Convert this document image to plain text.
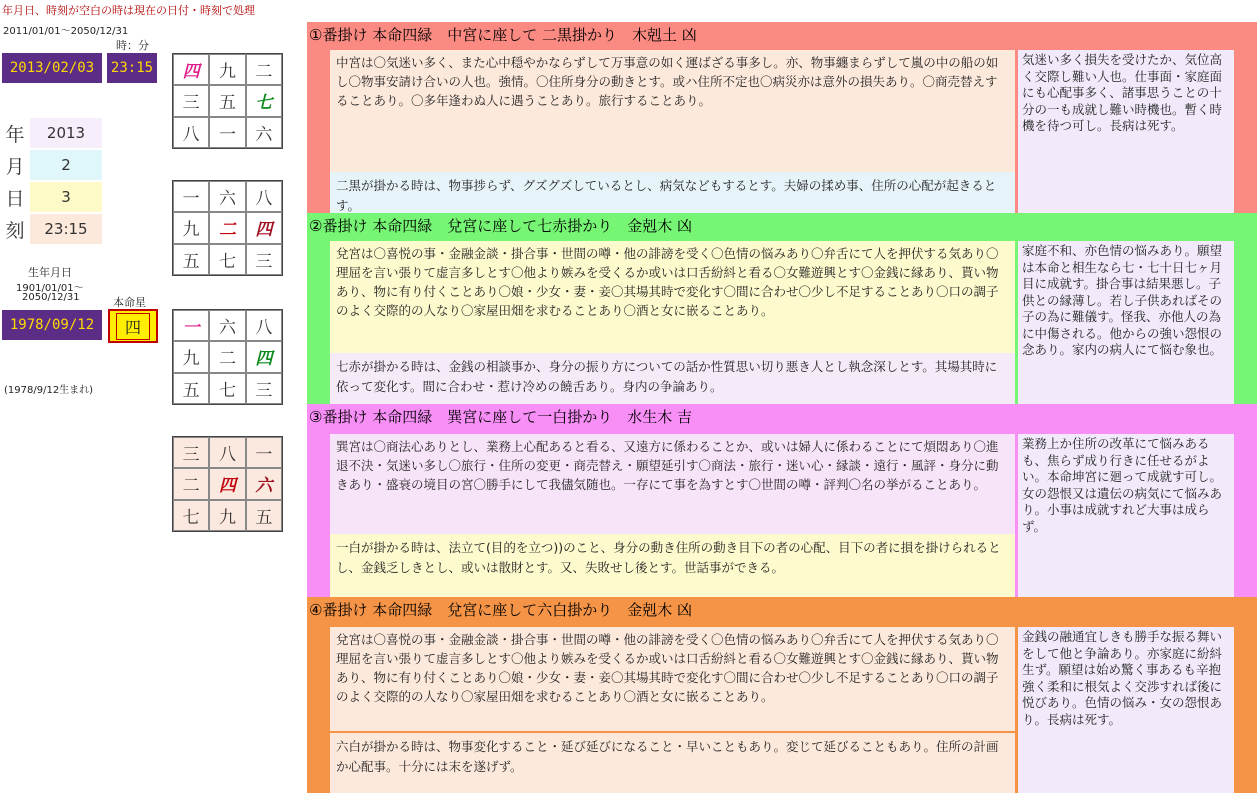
年月日、時刻が空白の時は現在の日付・時刻で処理
2011/01/01～2050/12/31
時：分
2013/02/03	23:15
年	2013
月	2
日	3
刻	23:15
生年月日
1901/01/01～
2050/12/31	本命星
1978/09/12	四
(1978/9/12生まれ)
四	九	二
三	五	七
八	一	六
一	六	八
九	二	四
五	七	三
一	六	八
九	二	四
五	七	三
三	八	一
二	四	六
七	九	五
①番掛け 本命四緑　中宮に座して 二黒掛かり　木剋土 凶
中宮は〇気迷い多く、また心中穏やかならずして万事意の如く運ばざる事多し。亦、物事纏まらずして嵐の中の船の如し〇物事安請け合いの人也。強情。〇住所身分の動きとす。或ハ住所不定也〇病災亦は意外の損失あり。〇商売替えすることあり。〇多年逢わぬ人に遇うことあり。旅行することあり。
二黒が掛かる時は、物事捗らず、グズグズしているとし、病気などもするとす。夫婦の揉め事、住所の心配が起きるとす。
気迷い多く損失を受けたか、気位高く交際し難い人也。仕事面・家庭面にも心配事多く、諸事思うことの十分の一も成就し難い時機也。暫く時機を待つ可し。長病は死す。
②番掛け 本命四緑　兌宮に座して七赤掛かり　金剋木 凶
兌宮は〇喜悦の事・金融金談・掛合事・世間の噂・他の誹謗を受く〇色情の悩みあり〇弁舌にて人を押伏する気あり〇理屈を言い張りて虚言多しとす〇他より嫉みを受くるか或いは口舌紛紏と看る〇女難遊興とす〇金銭に縁あり、貰い物あり、物に有り付くことあり〇娘・少女・妻・妾〇其場其時で変化す〇間に合わせ〇少し不足することあり〇口の調子のよく交際的の人なり〇家屋田畑を求むることあり〇酒と女に嵌ることあり。
七赤が掛かる時は、金銭の相談事か、身分の振り方についての話か性質思い切り悪き人とし執念深しとす。其場其時に依って変化す。間に合わせ・惹け冷めの饒舌あり。身内の争論あり。
家庭不和、亦色情の悩みあり。願望は本命と相生なら七・七十日七ヶ月目に成就す。掛合事は結果悪し。子供との縁薄し。若し子供あればその子の為に難儀す。怪我、亦他人の為に中傷される。他からの強い怨恨の念あり。家内の病人にて悩む象也。
③番掛け 本命四緑　巽宮に座して一白掛かり　水生木 吉
巽宮は〇商法心ありとし、業務上心配あると看る、又遠方に係わることか、或いは婦人に係わることにて煩悶あり〇進退不決・気迷い多し〇旅行・住所の変更・商売替え・願望延引す〇商法・旅行・迷い心・縁談・遠行・風評・身分に動きあり・盛衰の境目の宮〇勝手にして我儘気随也。一存にて事を為すとす〇世間の噂・評判〇名の挙がることあり。
一白が掛かる時は、法立て(目的を立つ))のこと、身分の動き住所の動き目下の者の心配、目下の者に損を掛けられるとし、金銭乏しきとし、或いは散財とす。又、失敗せし後とす。世話事ができる。
業務上か住所の改革にて悩みあるも、焦らず成り行きに任せるがよい。本命坤宮に廻って成就す可し。女の怨恨又は遺伝の病気にて悩みあり。小事は成就すれど大事は成らず。
④番掛け 本命四緑　兌宮に座して六白掛かり　金剋木 凶
兌宮は〇喜悦の事・金融金談・掛合事・世間の噂・他の誹謗を受く〇色情の悩みあり〇弁舌にて人を押伏する気あり〇理屈を言い張りて虚言多しとす〇他より嫉みを受くるか或いは口舌紛紏と看る〇女難遊興とす〇金銭に縁あり、貰い物あり、物に有り付くことあり〇娘・少女・妻・妾〇其場其時で変化す〇間に合わせ〇少し不足することあり〇口の調子のよく交際的の人なり〇家屋田畑を求むることあり〇酒と女に嵌ることあり。
六白が掛かる時は、物事変化すること・延び延びになること・早いこともあり。変じて延びることもあり。住所の計画か心配事。十分には末を遂げず。
金銭の融通宜しきも勝手な振る舞いをして他と争論あり。亦家庭に紛紏生ず。願望は始め驚く事あるも辛抱強く柔和に根気よく交渉すれば後に悦びあり。色情の悩み・女の怨恨あり。長病は死す。
